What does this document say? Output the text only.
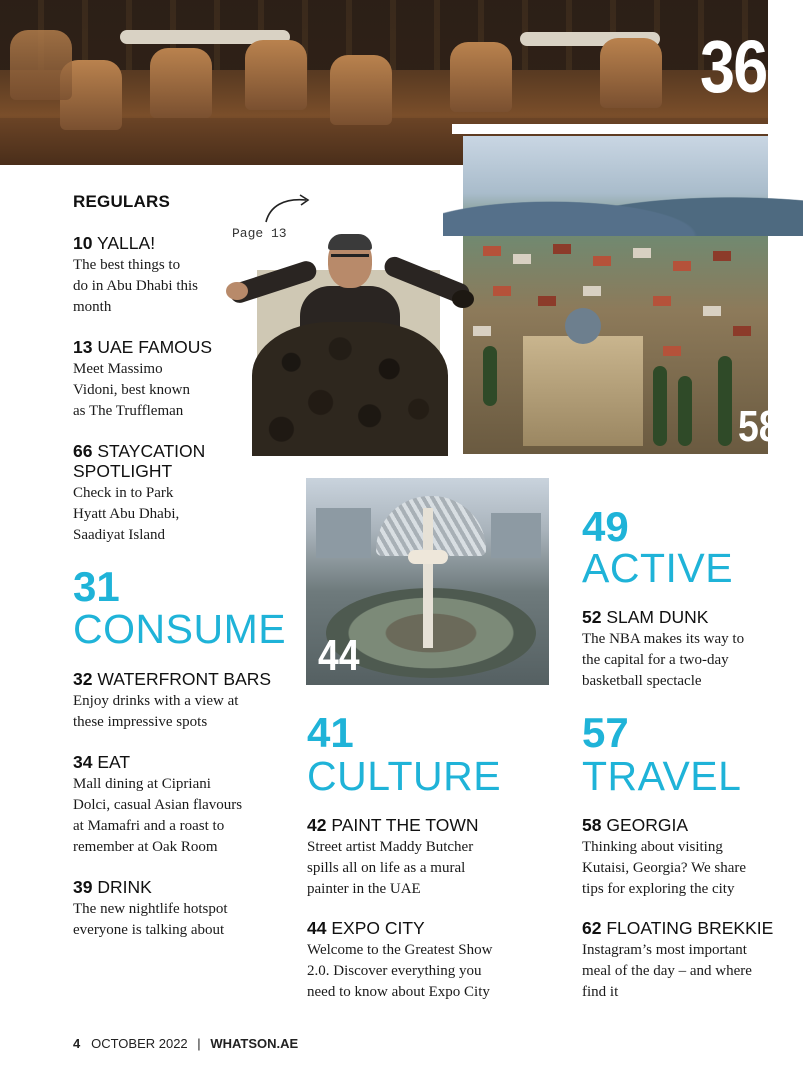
36
58
Page 13
44
REGULARS
10 YALLA!
The best things to
do in Abu Dhabi this
month
13 UAE FAMOUS
Meet Massimo
Vidoni, best known
as The Truffleman
66 STAYCATION
SPOTLIGHT
Check in to Park
Hyatt Abu Dhabi,
Saadiyat Island
31
CONSUME
32 WATERFRONT BARS
Enjoy drinks with a view at
these impressive spots
34 EAT
Mall dining at Cipriani
Dolci, casual Asian flavours
at Mamafri and a roast to
remember at Oak Room
39 DRINK
The new nightlife hotspot
everyone is talking about
41
CULTURE
42 PAINT THE TOWN
Street artist Maddy Butcher
spills all on life as a mural
painter in the UAE
44 EXPO CITY
Welcome to the Greatest Show
2.0. Discover everything you
need to know about Expo City
49
ACTIVE
52 SLAM DUNK
The NBA makes its way to
the capital for a two-day
basketball spectacle
57
TRAVEL
58 GEORGIA
Thinking about visiting
Kutaisi, Georgia? We share
tips for exploring the city
62 FLOATING BREKKIE
Instagram’s most important
meal of the day – and where
find it
4 OCTOBER 2022 | WHATSON.AE
